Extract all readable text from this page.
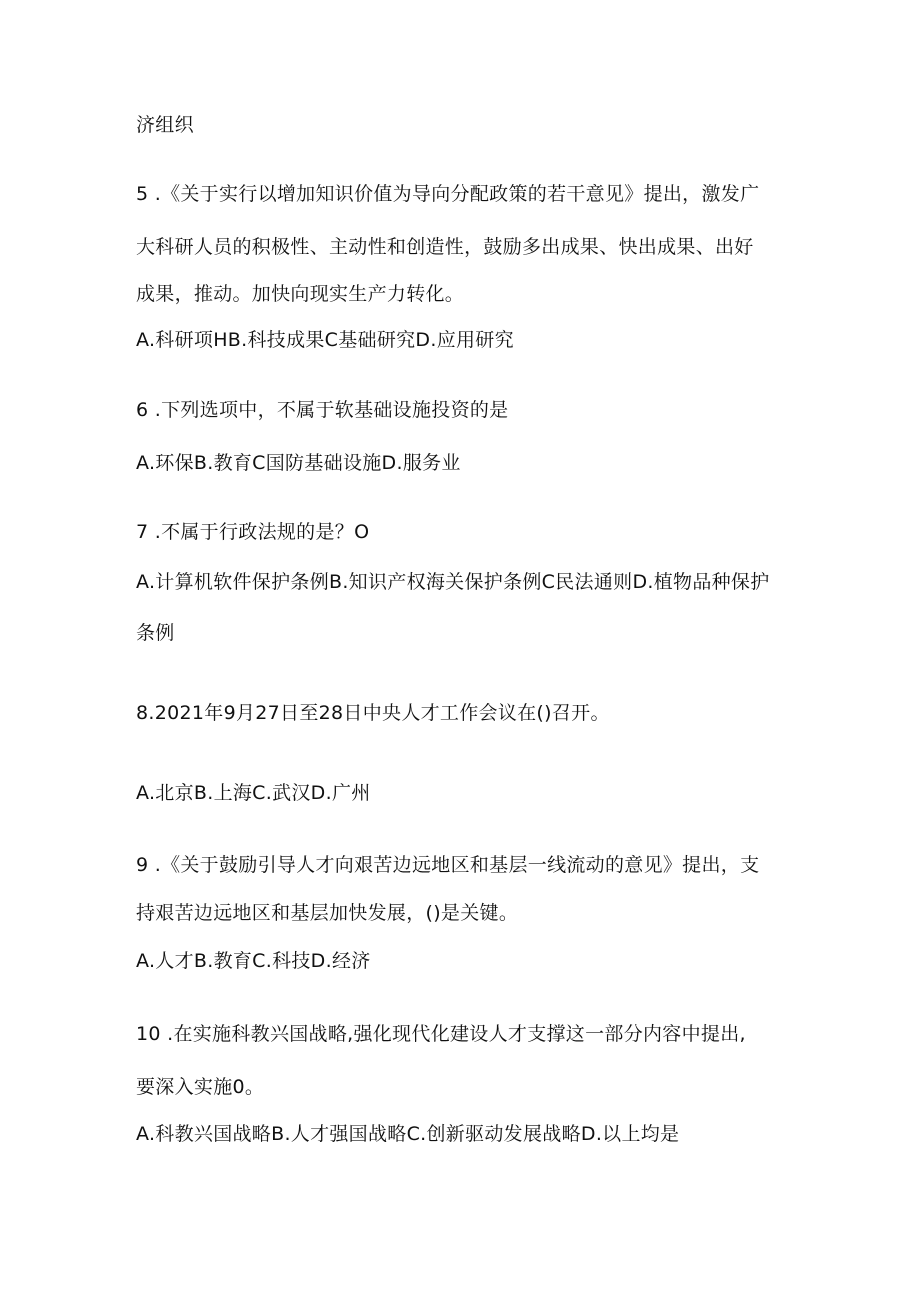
济组织
5 .《关于实行以增加知识价值为导向分配政策的若干意见》提出，激发广
大科研人员的积极性、主动性和创造性，鼓励多出成果、快出成果、出好
成果，推动。加快向现实生产力转化。
A.科研项HB.科技成果C基础研究D.应用研究
6 .下列选项中，不属于软基础设施投资的是
A.环保B.教育C国防基础设施D.服务业
7 .不属于行政法规的是？O
A.计算机软件保护条例B.知识产权海关保护条例C民法通则D.植物品种保护
条例
8.2021年9月27日至28日中央人才工作会议在()召开。
A.北京B.上海C.武汉D.广州
9 .《关于鼓励引导人才向艰苦边远地区和基层一线流动的意见》提出，支
持艰苦边远地区和基层加快发展，()是关键。
A.人才B.教育C.科技D.经济
10 .在实施科教兴国战略,强化现代化建设人才支撑这一部分内容中提出,
要深入实施0。
A.科教兴国战略B.人才强国战略C.创新驱动发展战略D.以上均是
